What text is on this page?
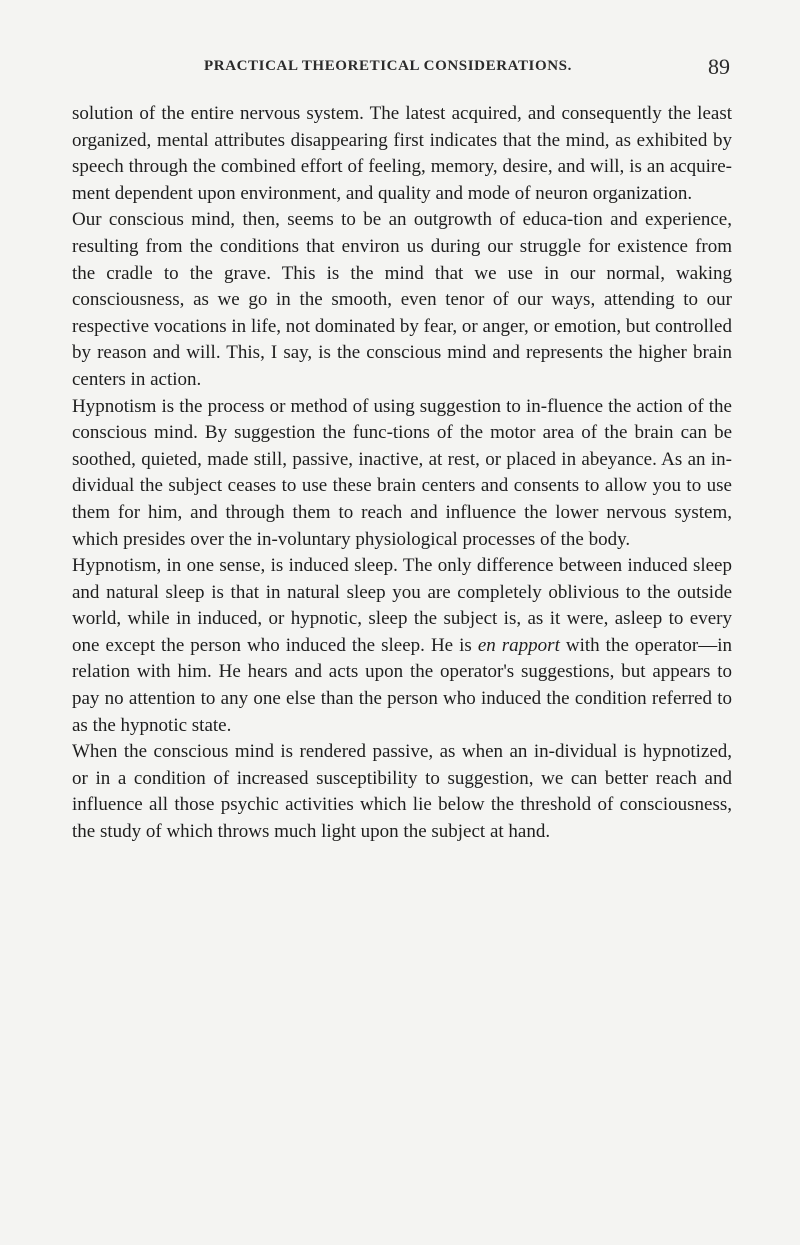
PRACTICAL THEORETICAL CONSIDERATIONS.	89

solution of the entire nervous system. The latest acquired, and consequently the least organized, mental attributes disappearing first indicates that the mind, as exhibited by speech through the combined effort of feeling, memory, desire, and will, is an acquire-ment dependent upon environment, and quality and mode of neuron organization.

Our conscious mind, then, seems to be an outgrowth of educa-tion and experience, resulting from the conditions that environ us during our struggle for existence from the cradle to the grave. This is the mind that we use in our normal, waking consciousness, as we go in the smooth, even tenor of our ways, attending to our respective vocations in life, not dominated by fear, or anger, or emotion, but controlled by reason and will. This, I say, is the conscious mind and represents the higher brain centers in action.

Hypnotism is the process or method of using suggestion to in-fluence the action of the conscious mind. By suggestion the func-tions of the motor area of the brain can be soothed, quieted, made still, passive, inactive, at rest, or placed in abeyance. As an in-dividual the subject ceases to use these brain centers and consents to allow you to use them for him, and through them to reach and influence the lower nervous system, which presides over the in-voluntary physiological processes of the body.

Hypnotism, in one sense, is induced sleep. The only difference between induced sleep and natural sleep is that in natural sleep you are completely oblivious to the outside world, while in induced, or hypnotic, sleep the subject is, as it were, asleep to every one except the person who induced the sleep. He is en rapport with the operator—in relation with him. He hears and acts upon the operator's suggestions, but appears to pay no attention to any one else than the person who induced the condition referred to as the hypnotic state.

When the conscious mind is rendered passive, as when an in-dividual is hypnotized, or in a condition of increased susceptibility to suggestion, we can better reach and influence all those psychic activities which lie below the threshold of consciousness, the study of which throws much light upon the subject at hand.
